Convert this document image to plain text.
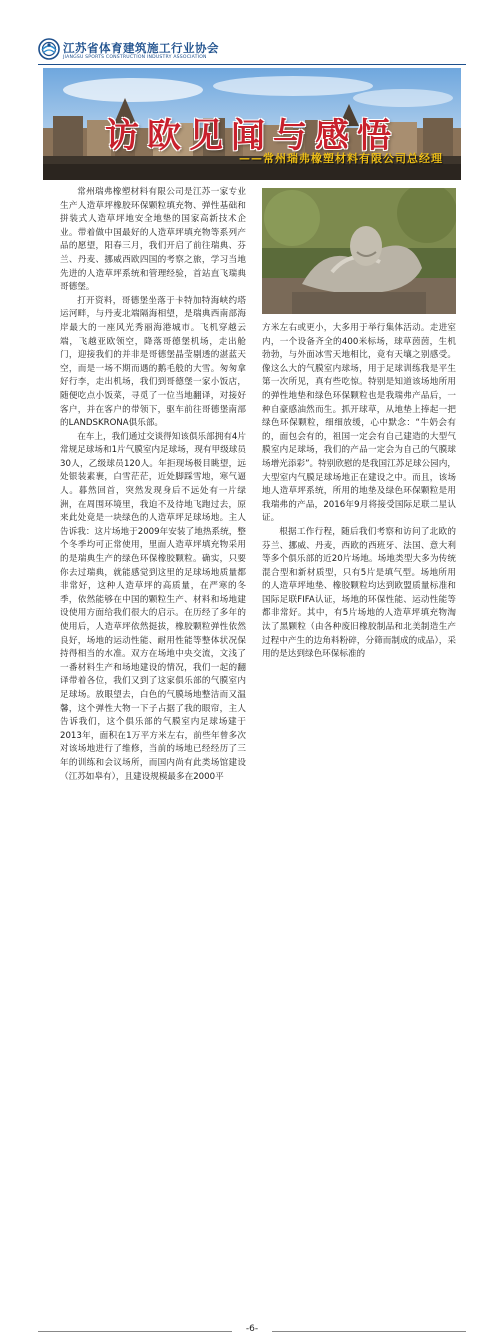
江苏省体育建筑施工行业协会
JIANGSU SPORTS CONSTRUCTION INDUSTRY ASSOCIATION
访欧见闻与感悟
——常州瑞弗橡塑材料有限公司总经理

常州瑞弗橡塑材料有限公司是江苏一家专业生产人造草坪橡胶环保颗粒填充物、弹性基础和拼装式人造草坪地安全地垫的国家高新技术企业。带着做中国最好的人造草坪填充物等系列产品的愿望，阳春三月，我们开启了前往瑞典、芬兰、丹麦、挪威西欧四国的考察之旅，学习当地先进的人造草坪系统和管理经验，首站直飞瑞典哥德堡。

打开资料，哥德堡坐落于卡特加特海峡约塔运河畔，与丹麦北端隔海相望，是瑞典西南部海岸最大的一座风光秀丽海港城市。飞机穿越云端，飞越亚欧领空，降落哥德堡机场，走出舱门，迎接我们的并非是哥德堡晶莹剔透的湛蓝天空，而是一场不期而遇的鹅毛般的大雪。匆匆拿好行李，走出机场，我们到哥德堡一家小饭店，随便吃点小饭菜，寻觅了一位当地翻译，对接好客户，并在客户的带领下，驱车前往哥德堡南部的LANDSKRONA俱乐部。

在车上，我们通过交谈得知该俱乐部拥有4片常规足球场和1片气膜室内足球场，现有甲级球员30人，乙级球员120人。年拒现场极目眺望，远处银装素裹，白雪茫茫，近处脚踩雪地，寒气逼人。暮然回首，突然发现身后不远处有一片绿洲，在周围环境里，我迫不及待地飞跑过去，原来此处竟是一块绿色的人造草坪足球场地。主人告诉我：这片场地于2009年安装了地热系统，整个冬季均可正常使用，里面人造草坪填充物采用的是瑞典生产的绿色环保橡胶颗粒。确实，只要你去过瑞典，就能感觉到这里的足球场地质量都非常好，这种人造草坪的高质量，在严寒的冬季，依然能够在中国的颗粒生产、材料和场地建设使用方面给我们很大的启示。在历经了多年的使用后，人造草坪依然挺拔，橡胶颗粒弹性依然良好，场地的运动性能、耐用性能等整体状况保持得相当的水准。双方在场地中央交流，文浅了一番材料生产和场地建设的情况，我们一起的翻译带着各位，我们又到了这家俱乐部的气膜室内足球场。放眼望去，白色的气膜场地整洁而又温馨，这个弹性大物一下子占据了我的眼帘，主人告诉我们，这个俱乐部的气膜室内足球场建于2013年，面积在1万平方米左右，前些年曾多次对该场地进行了维修，当前的场地已经经历了三年的训练和会议场所，而国内尚有此类场馆建设（江苏如皋有），且建设规模最多在2000平

方米左右或更小，大多用于举行集体活动。走进室内，一个设备齐全的400米标场，球草茵茵，生机勃勃，与外面冰雪天地相比，竟有天壤之别感受。像这么大的气膜室内球场，用于足球训练我是平生第一次所见，真有些吃惊。特别是知道该场地所用的弹性地垫和绿色环保颗粒也是我瑞弗产品后，一种自豪感油然而生。抓开球草，从地垫上捧起一把绿色环保颗粒，细细放缓，心中默念：“牛奶会有的，面包会有的，祖国一定会有自己建造的大型气膜室内足球场，我们的产品一定会为自己的气膜球场增光添彩”。特别欣慰的是我国江苏足球公园内，大型室内气膜足球场地正在建设之中。而且，该场地人造草坪系统，所用的地垫及绿色环保颗粒是用我瑞弗的产品，2016年9月将接受国际足联二星认证。

根据工作行程，随后我们考察和访问了北欧的芬兰、挪威、丹麦，西欧的西班牙、法国、意大利等多个俱乐部的近20片场地。场地类型大多为传统混合型和新材质型，只有5片是填气型。场地所用的人造草坪地垫、橡胶颗粒均达到欧盟质量标准和国际足联FIFA认证，场地的环保性能、运动性能等都非常好。其中，有5片场地的人造草坪填充物淘汰了黑颗粒（由各种废旧橡胶制品和北美制造生产过程中产生的边角料粉碎，分筛而制成的成品），采用的是达到绿色环保标准的

-6-
